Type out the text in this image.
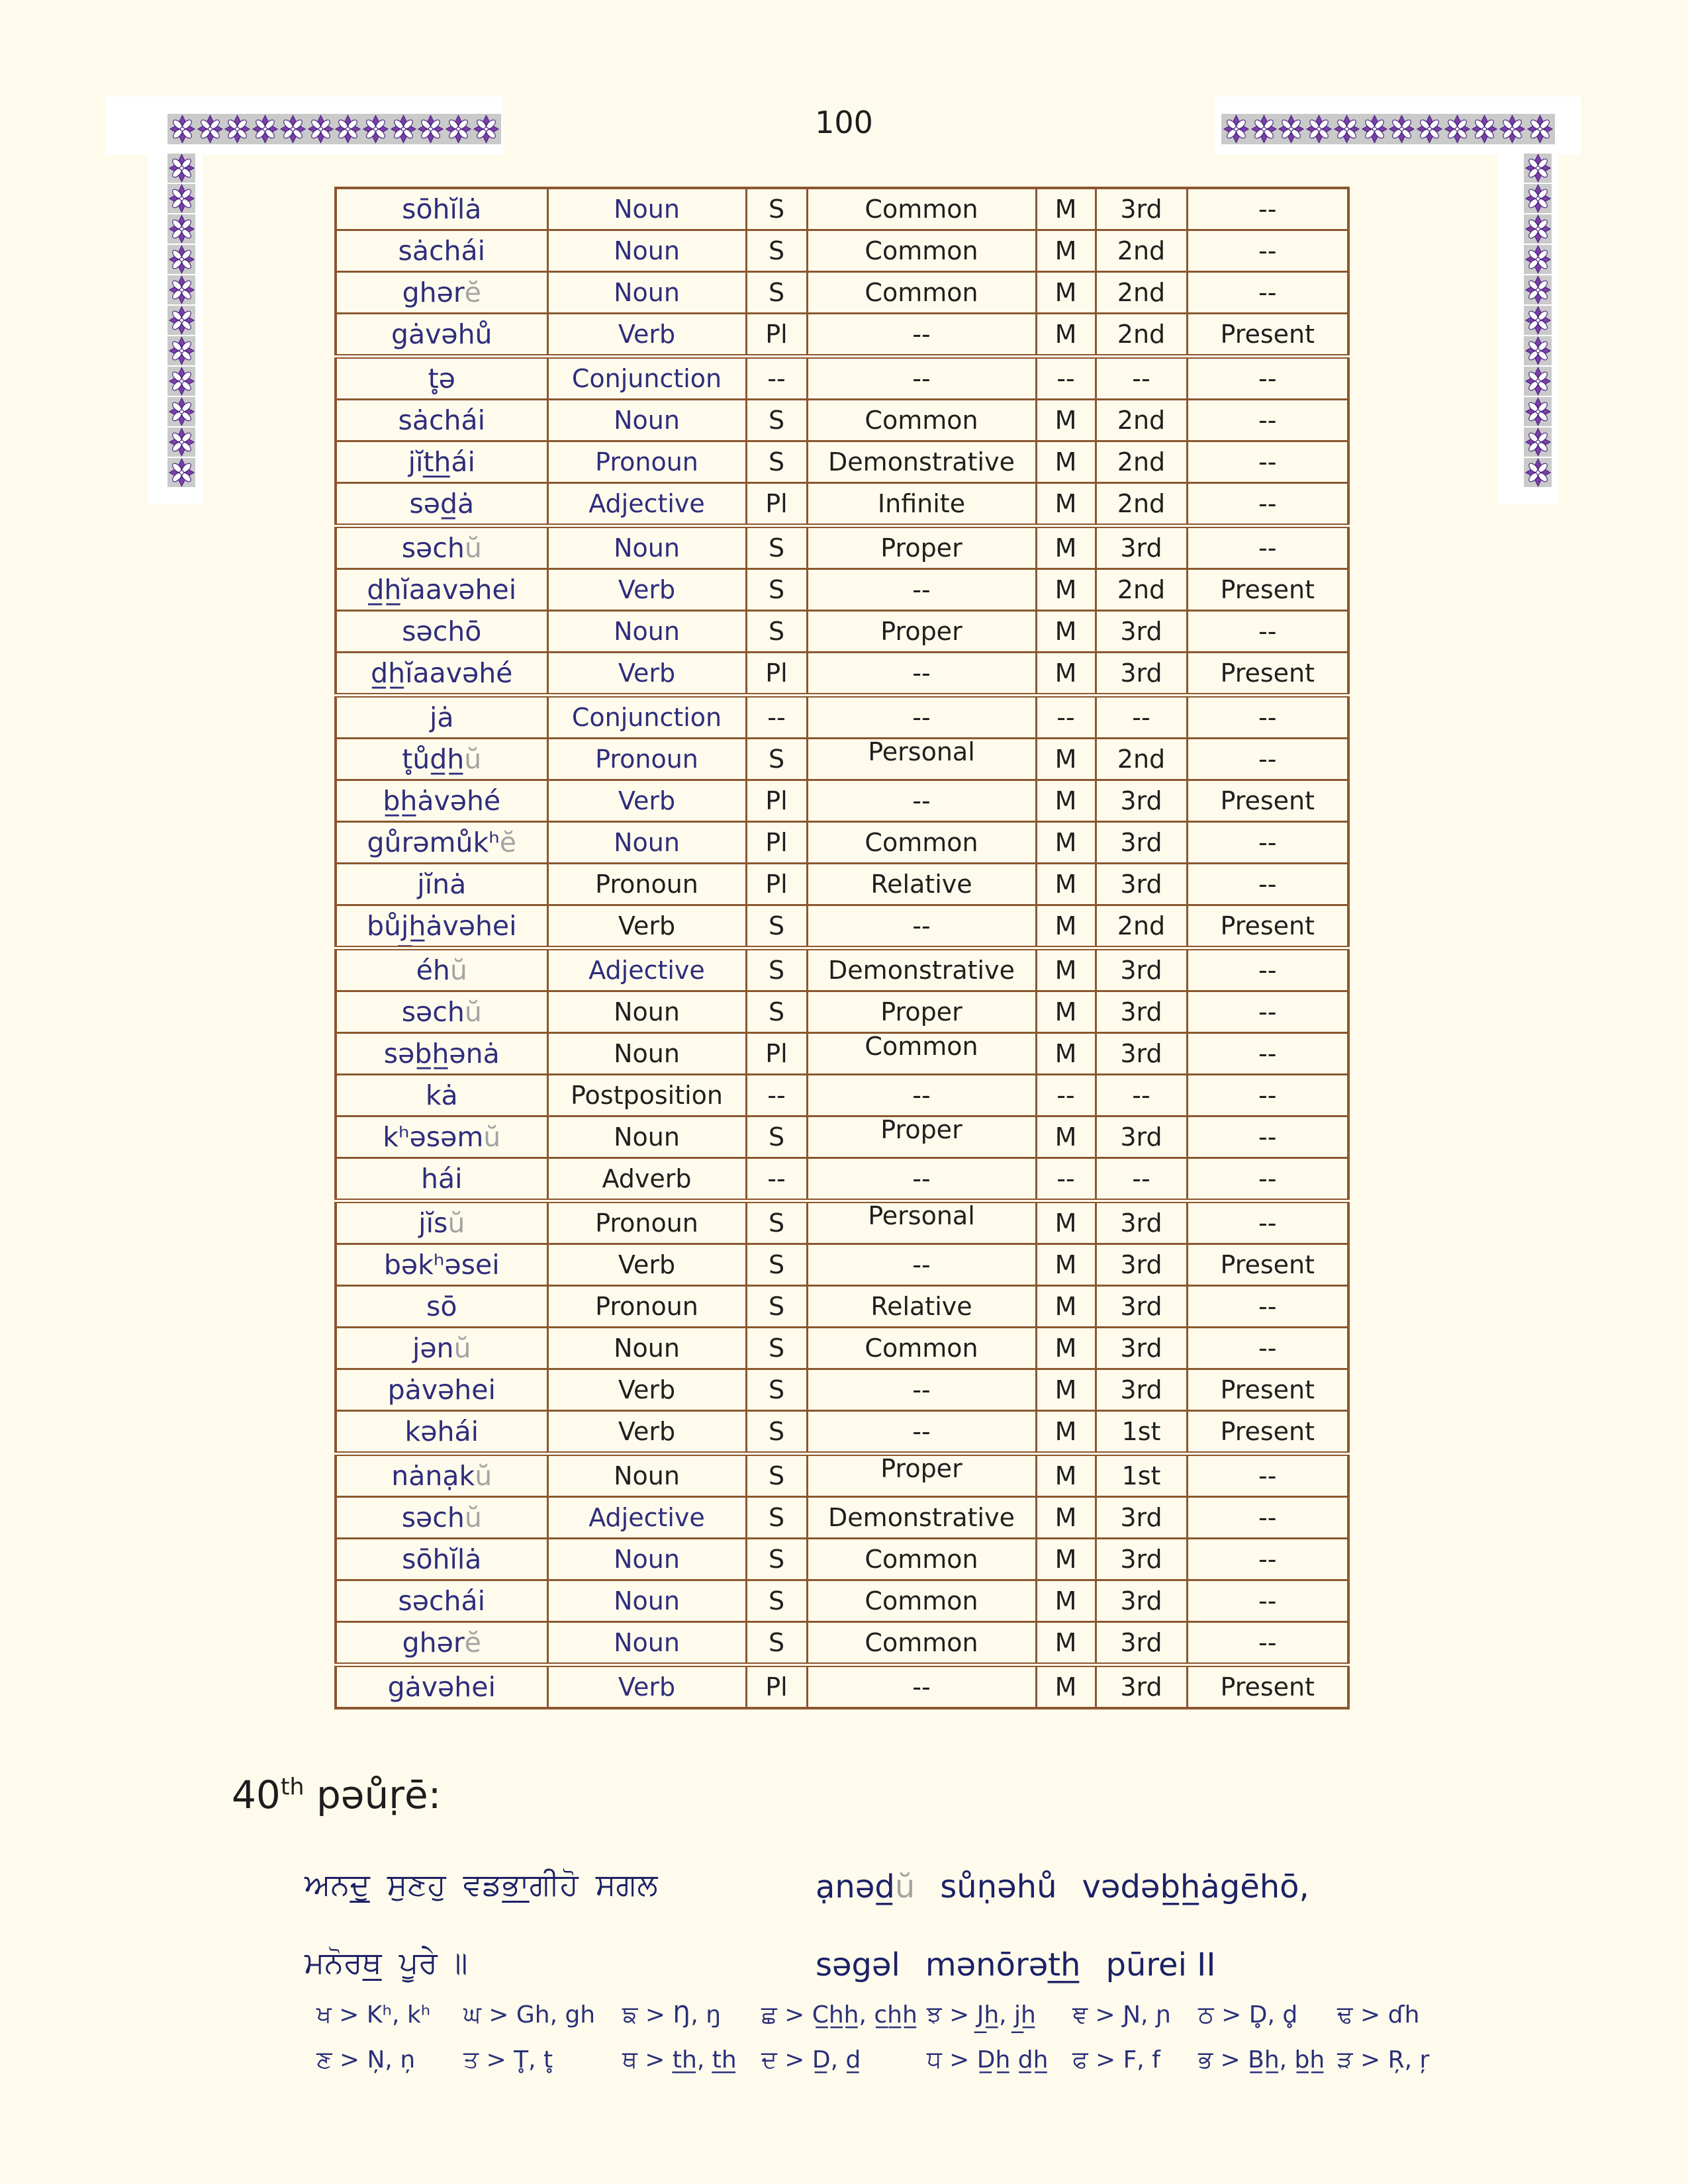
100
sōhĭlȧ	Noun	S	Common	M	3rd	--
sȧchái	Noun	S	Common	M	2nd	--
ghərĕ	Noun	S	Common	M	2nd	--
gȧvəhů	Verb	Pl	--	M	2nd	Present
t̥ə	Conjunction	--	--	--	--	--
sȧchái	Noun	S	Common	M	2nd	--
jĭt̲h̲ái	Pronoun	S	Demonstrative	M	2nd	--
səd̲ȧ	Adjective	Pl	Infinite	M	2nd	--
səchŭ	Noun	S	Proper	M	3rd	--
d̲h̲ĭaavəhei	Verb	S	--	M	2nd	Present
səchō	Noun	S	Proper	M	3rd	--
d̲h̲ĭaavəhé	Verb	Pl	--	M	3rd	Present
jȧ	Conjunction	--	--	--	--	--
t̥ůd̲h̲ŭ	Pronoun	S	Personal	M	2nd	--
b̲h̲ȧvəhé	Verb	Pl	--	M	3rd	Present
gůrəmůkʰĕ	Noun	Pl	Common	M	3rd	--
jĭnȧ	Pronoun	Pl	Relative	M	3rd	--
bůj̲h̲ȧvəhei	Verb	S	--	M	2nd	Present
éhŭ	Adjective	S	Demonstrative	M	3rd	--
səchŭ	Noun	S	Proper	M	3rd	--
səb̲h̲ənȧ	Noun	Pl	Common	M	3rd	--
kȧ	Postposition	--	--	--	--	--
kʰəsəmŭ	Noun	S	Proper	M	3rd	--
hái	Adverb	--	--	--	--	--
jĭsŭ	Pronoun	S	Personal	M	3rd	--
bəkʰəsei	Verb	S	--	M	3rd	Present
sō	Pronoun	S	Relative	M	3rd	--
jənŭ	Noun	S	Common	M	3rd	--
pȧvəhei	Verb	S	--	M	3rd	Present
kəhái	Verb	S	--	M	1st	Present
nȧnạkŭ	Noun	S	Proper	M	1st	--
səchŭ	Adjective	S	Demonstrative	M	3rd	--
sōhĭlȧ	Noun	S	Common	M	3rd	--
səchái	Noun	S	Common	M	3rd	--
ghərĕ	Noun	S	Common	M	3rd	--
gȧvəhei	Verb	Pl	--	M	3rd	Present
40th pəůṛē:
ਅਨਦੁ ਸੁਣਹੁ ਵਡਭਾਗੀਹੋ ਸਗਲ
ਮਨੋਰਥ ਪੂਰੇ ॥
ạnəd̲ŭ sůṇəhů vədəb̲h̲ȧgēhō,
səgəl mənōrət̲h̲ pūrei II
ਖ > Kʰ, kʰ ਘ > Gh, gh ਙ > Ŋ, ŋ ਛ > C̲h̲h̲, c̲h̲h̲ ਝ > J̲h̲, j̲h̲ ਞ > Ɲ, ɲ ਠ > D̥, d̥ ਢ > ɗh
ਣ > Ņ, ņ ਤ > T̥, t̥	ਥ > t̲h̲, t̲h̲ ਦ > D̲, d̲	ਧ > D̲h̲ d̲h̲ ਫ > F, f ਭ > B̲h̲, b̲h̲ ੜ > Ŗ, ŗ
